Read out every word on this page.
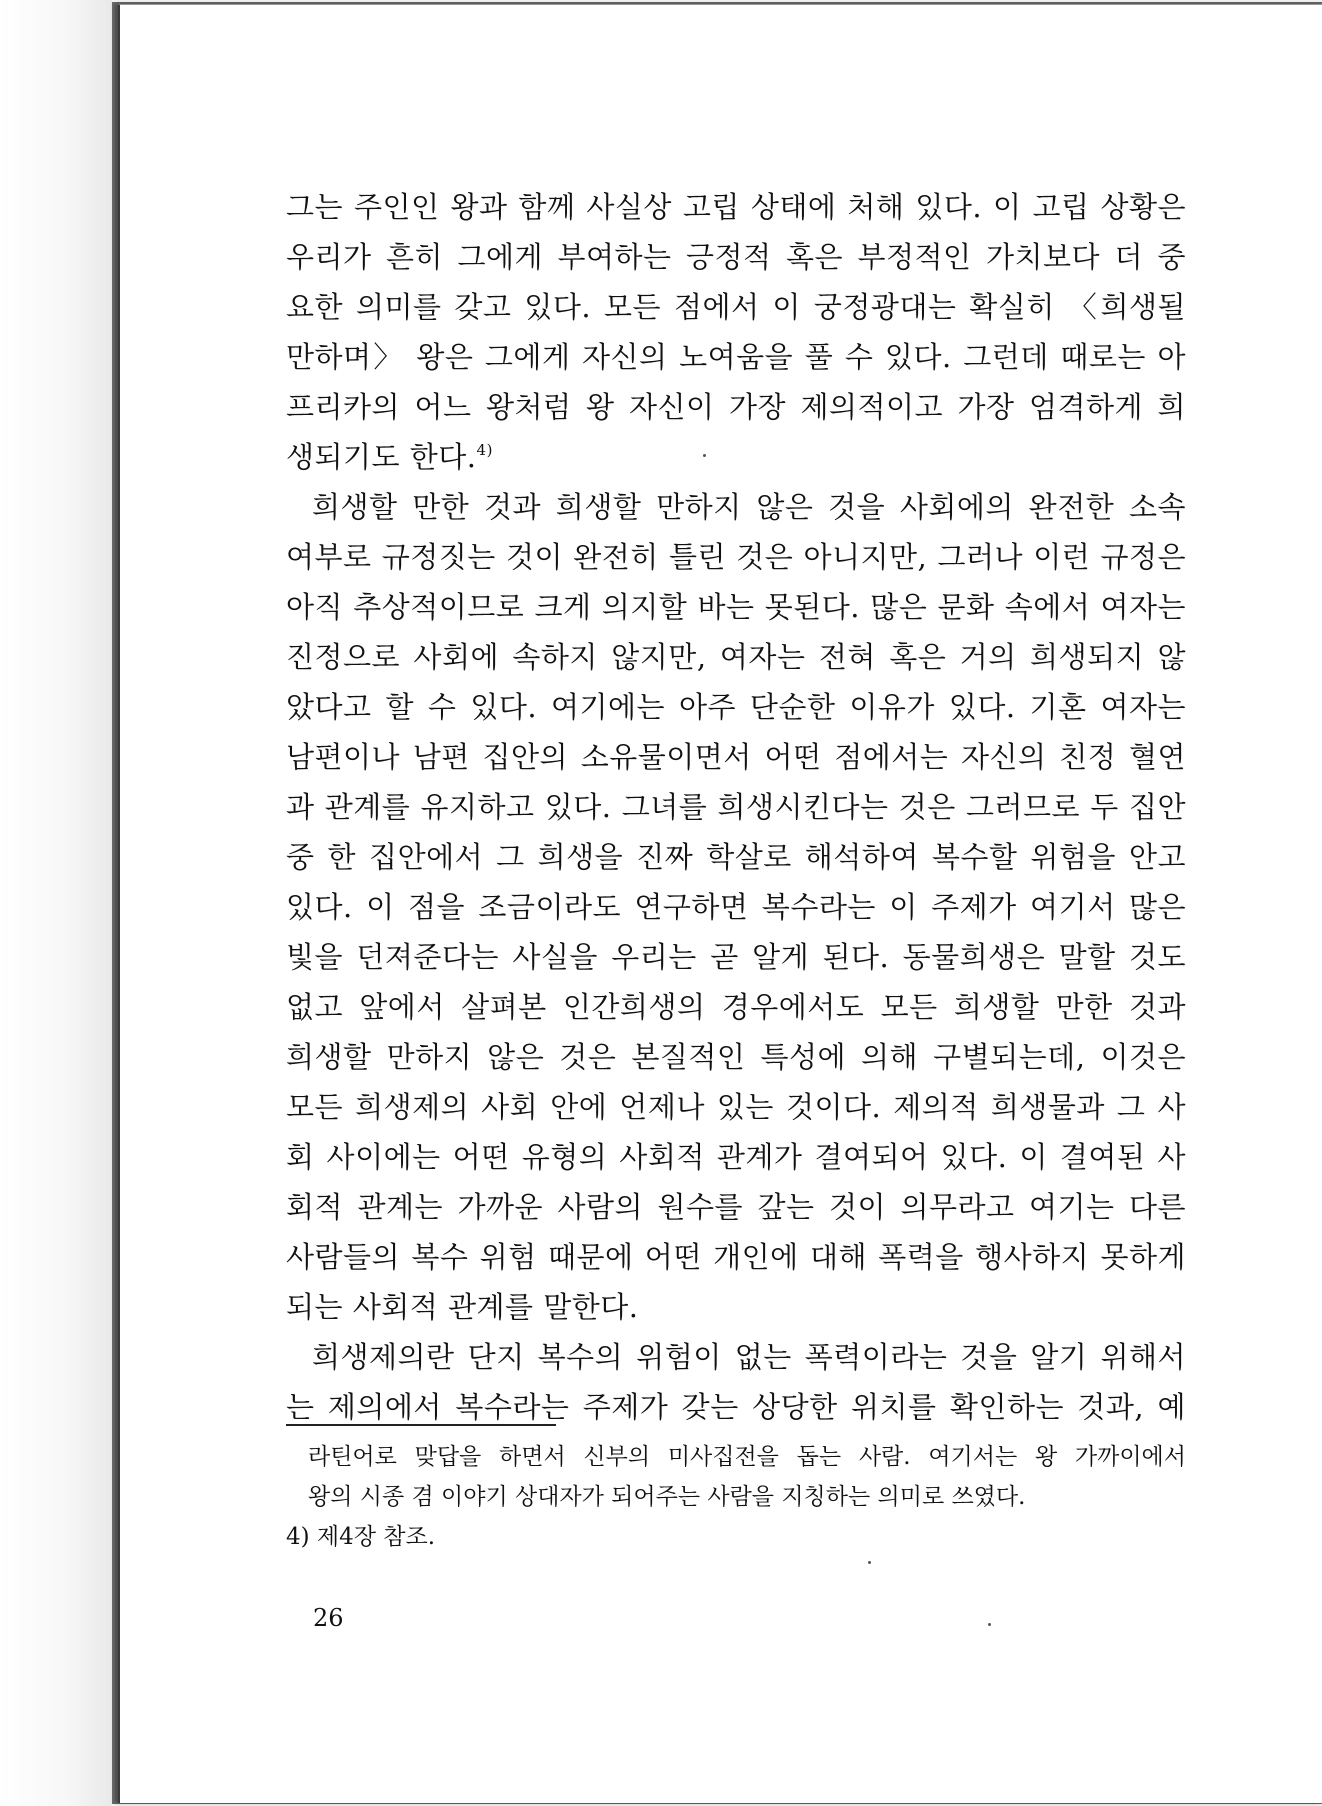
그는 주인인 왕과 함께 사실상 고립 상태에 처해 있다. 이 고립 상황은
우리가 흔히 그에게 부여하는 긍정적 혹은 부정적인 가치보다 더 중
요한 의미를 갖고 있다. 모든 점에서 이 궁정광대는 확실히 〈희생될
만하며〉 왕은 그에게 자신의 노여움을 풀 수 있다. 그런데 때로는 아
프리카의 어느 왕처럼 왕 자신이 가장 제의적이고 가장 엄격하게 희
생되기도 한다.$^{4)}$
희생할 만한 것과 희생할 만하지 않은 것을 사회에의 완전한 소속
여부로 규정짓는 것이 완전히 틀린 것은 아니지만, 그러나 이런 규정은
아직 추상적이므로 크게 의지할 바는 못된다. 많은 문화 속에서 여자는
진정으로 사회에 속하지 않지만, 여자는 전혀 혹은 거의 희생되지 않
았다고 할 수 있다. 여기에는 아주 단순한 이유가 있다. 기혼 여자는
남편이나 남편 집안의 소유물이면서 어떤 점에서는 자신의 친정 혈연
과 관계를 유지하고 있다. 그녀를 희생시킨다는 것은 그러므로 두 집안
중 한 집안에서 그 희생을 진짜 학살로 해석하여 복수할 위험을 안고
있다. 이 점을 조금이라도 연구하면 복수라는 이 주제가 여기서 많은
빛을 던져준다는 사실을 우리는 곧 알게 된다. 동물희생은 말할 것도
없고 앞에서 살펴본 인간희생의 경우에서도 모든 희생할 만한 것과
희생할 만하지 않은 것은 본질적인 특성에 의해 구별되는데, 이것은
모든 희생제의 사회 안에 언제나 있는 것이다. 제의적 희생물과 그 사
회 사이에는 어떤 유형의 사회적 관계가 결여되어 있다. 이 결여된 사
회적 관계는 가까운 사람의 원수를 갚는 것이 의무라고 여기는 다른
사람들의 복수 위험 때문에 어떤 개인에 대해 폭력을 행사하지 못하게
되는 사회적 관계를 말한다.
희생제의란 단지 복수의 위험이 없는 폭력이라는 것을 알기 위해서
는 제의에서 복수라는 주제가 갖는 상당한 위치를 확인하는 것과, 예
라틴어로 맞답을 하면서 신부의 미사집전을 돕는 사람. 여기서는 왕 가까이에서
왕의 시종 겸 이야기 상대자가 되어주는 사람을 지칭하는 의미로 쓰였다.
4) 제4장 참조.
26
